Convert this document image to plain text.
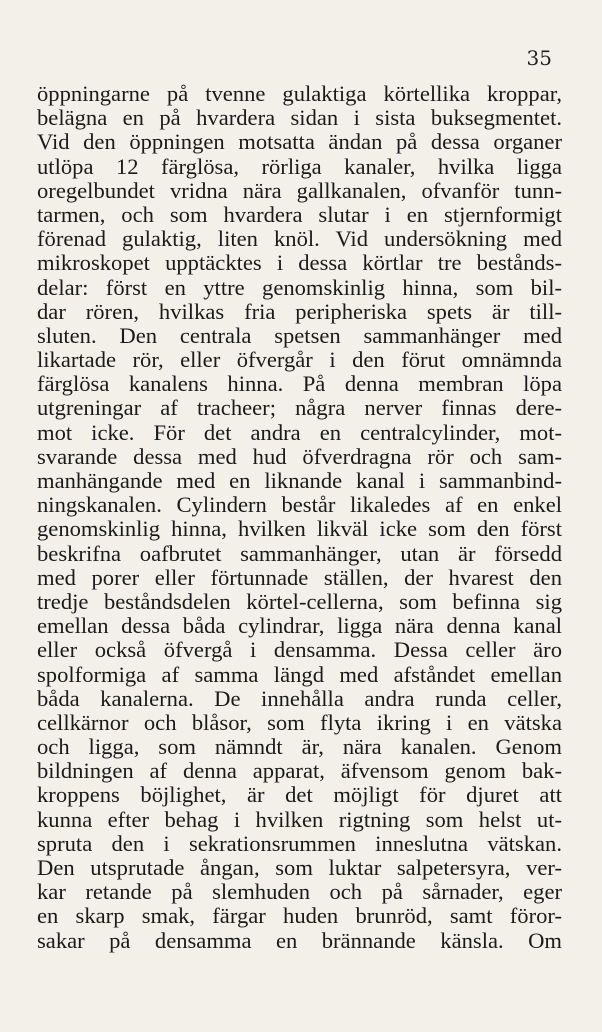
35
öppningarne på tvenne gulaktiga körtellika kroppar,
belägna en på hvardera sidan i sista buksegmentet.
Vid den öppningen motsatta ändan på dessa organer
utlöpa 12 färglösa, rörliga kanaler, hvilka ligga
oregelbundet vridna nära gallkanalen, ofvanför tunn-
tarmen, och som hvardera slutar i en stjernformigt
förenad gulaktig, liten knöl. Vid undersökning med
mikroskopet upptäcktes i dessa körtlar tre bestånds-
delar: först en yttre genomskinlig hinna, som bil-
dar rören, hvilkas fria peripheriska spets är till-
sluten. Den centrala spetsen sammanhänger med
likartade rör, eller öfvergår i den förut omnämnda
färglösa kanalens hinna. På denna membran löpa
utgreningar af tracheer; några nerver finnas dere-
mot icke. För det andra en centralcylinder, mot-
svarande dessa med hud öfverdragna rör och sam-
manhängande med en liknande kanal i sammanbind-
ningskanalen. Cylindern består likaledes af en enkel
genomskinlig hinna, hvilken likväl icke som den först
beskrifna oafbrutet sammanhänger, utan är försedd
med porer eller förtunnade ställen, der hvarest den
tredje beståndsdelen körtel-cellerna, som befinna sig
emellan dessa båda cylindrar, ligga nära denna kanal
eller också öfvergå i densamma. Dessa celler äro
spolformiga af samma längd med afståndet emellan
båda kanalerna. De innehålla andra runda celler,
cellkärnor och blåsor, som flyta ikring i en vätska
och ligga, som nämndt är, nära kanalen. Genom
bildningen af denna apparat, äfvensom genom bak-
kroppens böjlighet, är det möjligt för djuret att
kunna efter behag i hvilken rigtning som helst ut-
spruta den i sekrationsrummen inneslutna vätskan.
Den utsprutade ångan, som luktar salpetersyra, ver-
kar retande på slemhuden och på sårnader, eger
en skarp smak, färgar huden brunröd, samt föror-
sakar på densamma en brännande känsla. Om
